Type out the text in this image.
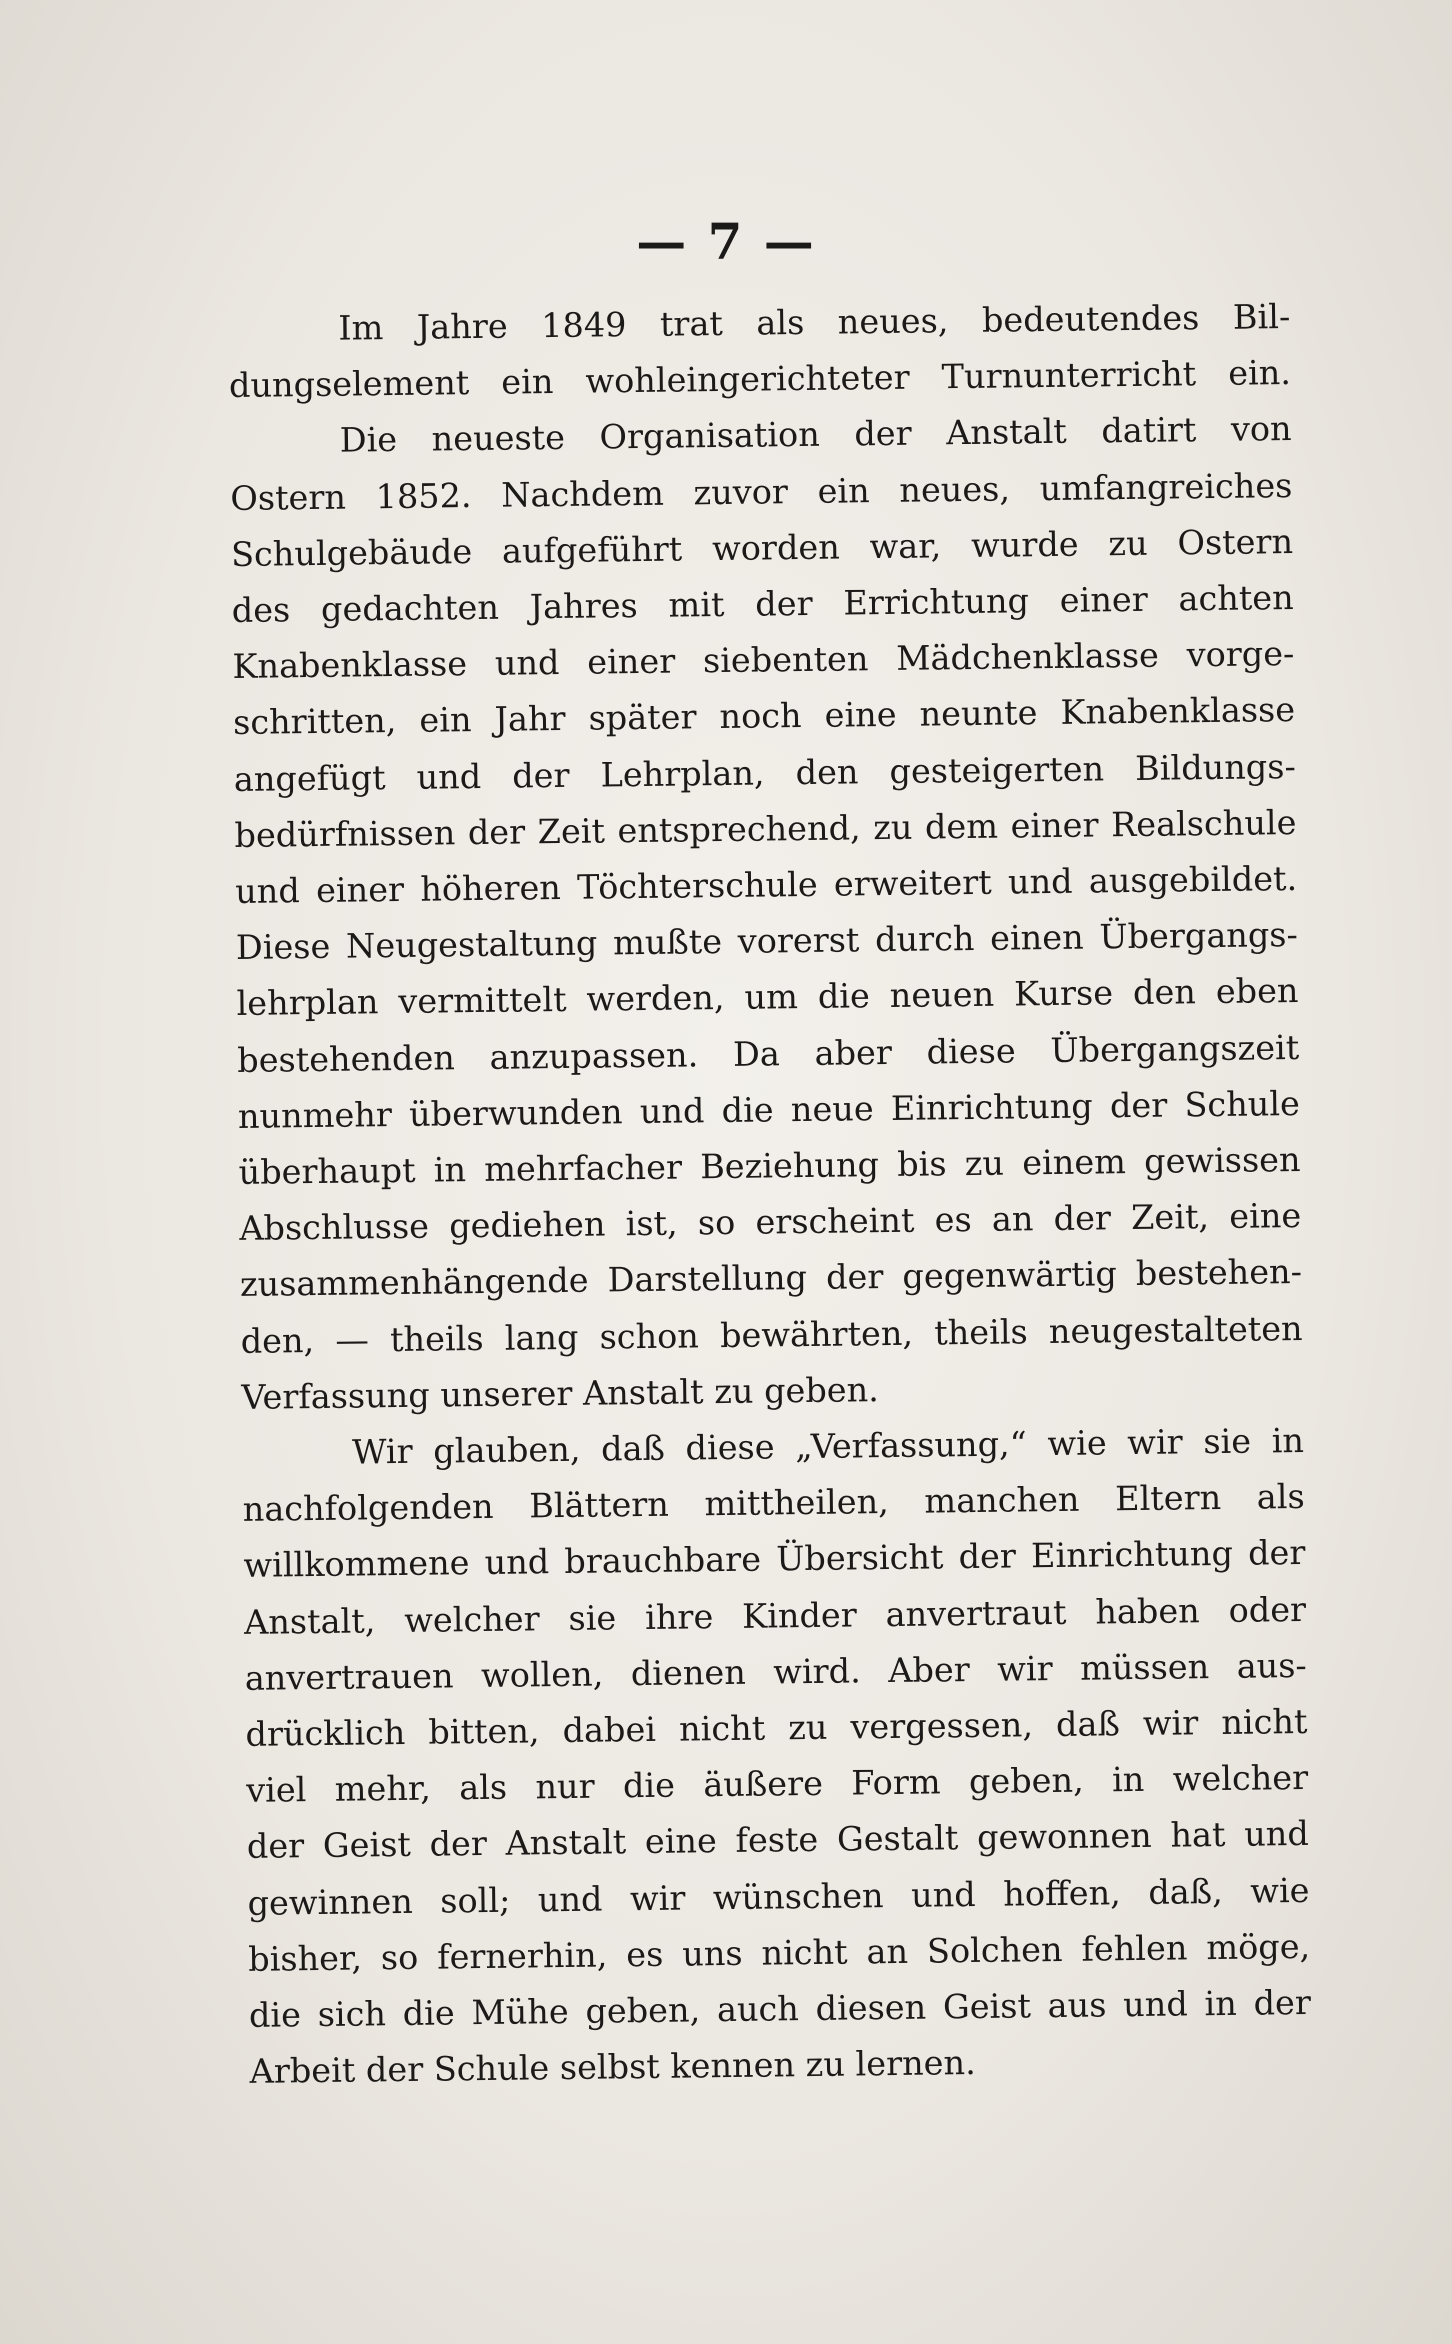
— 7 —
Im Jahre 1849 trat als neues, bedeutendes Bil-
dungselement ein wohleingerichteter Turnunterricht ein.
Die neueste Organisation der Anstalt datirt von
Ostern 1852. Nachdem zuvor ein neues, umfangreiches
Schulgebäude aufgeführt worden war, wurde zu Ostern
des gedachten Jahres mit der Errichtung einer achten
Knabenklasse und einer siebenten Mädchenklasse vorge-
schritten, ein Jahr später noch eine neunte Knabenklasse
angefügt und der Lehrplan, den gesteigerten Bildungs-
bedürfnissen der Zeit entsprechend, zu dem einer Realschule
und einer höheren Töchterschule erweitert und ausgebildet.
Diese Neugestaltung mußte vorerst durch einen Übergangs-
lehrplan vermittelt werden, um die neuen Kurse den eben
bestehenden anzupassen. Da aber diese Übergangszeit
nunmehr überwunden und die neue Einrichtung der Schule
überhaupt in mehrfacher Beziehung bis zu einem gewissen
Abschlusse gediehen ist, so erscheint es an der Zeit, eine
zusammenhängende Darstellung der gegenwärtig bestehen-
den, — theils lang schon bewährten, theils neugestalteten
Verfassung unserer Anstalt zu geben.
Wir glauben, daß diese „Verfassung,“ wie wir sie in
nachfolgenden Blättern mittheilen, manchen Eltern als
willkommene und brauchbare Übersicht der Einrichtung der
Anstalt, welcher sie ihre Kinder anvertraut haben oder
anvertrauen wollen, dienen wird. Aber wir müssen aus-
drücklich bitten, dabei nicht zu vergessen, daß wir nicht
viel mehr, als nur die äußere Form geben, in welcher
der Geist der Anstalt eine feste Gestalt gewonnen hat und
gewinnen soll; und wir wünschen und hoffen, daß, wie
bisher, so fernerhin, es uns nicht an Solchen fehlen möge,
die sich die Mühe geben, auch diesen Geist aus und in der
Arbeit der Schule selbst kennen zu lernen.
